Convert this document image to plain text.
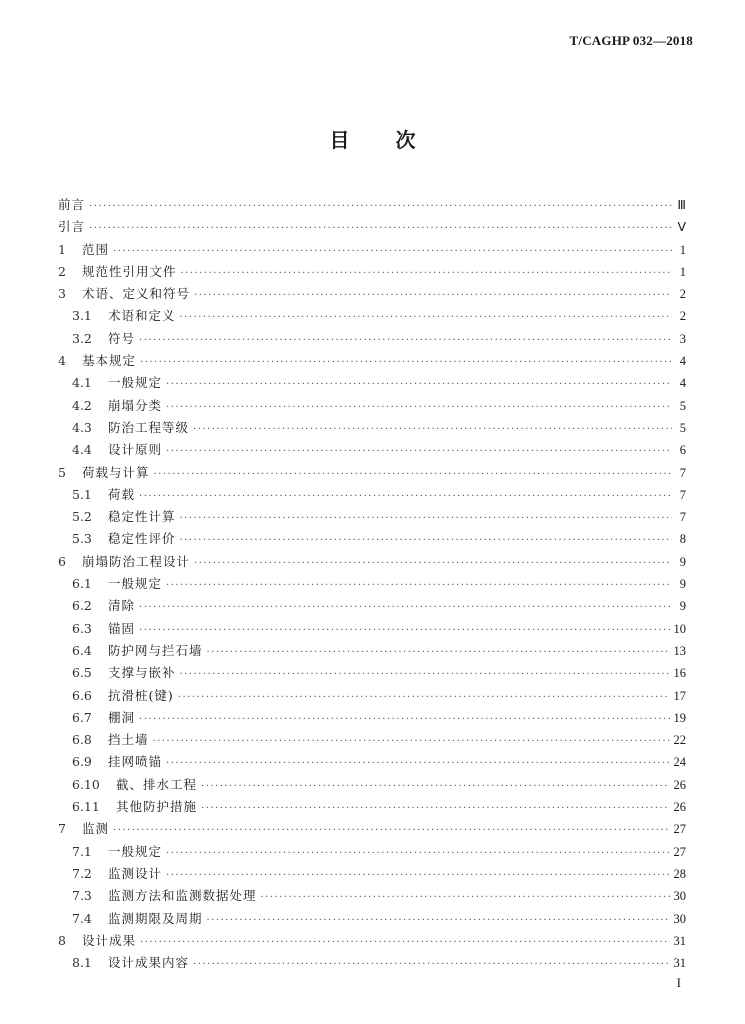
T/CAGHP 032—2018
目 次
前言 ·····	Ⅲ
引言 ·····	Ⅴ
1	范围 ·····	1
2	规范性引用文件 ·····	1
3	术语、定义和符号 ·····	2
3.1	术语和定义 ·····	2
3.2	符号 ·····	3
4	基本规定 ·····	4
4.1	一般规定 ·····	4
4.2	崩塌分类 ·····	5
4.3	防治工程等级 ·····	5
4.4	设计原则 ·····	6
5	荷载与计算 ·····	7
5.1	荷载 ·····	7
5.2	稳定性计算 ·····	7
5.3	稳定性评价 ·····	8
6	崩塌防治工程设计 ·····	9
6.1	一般规定 ·····	9
6.2	清除 ·····	9
6.3	锚固 ·····	10
6.4	防护网与拦石墙 ·····	13
6.5	支撑与嵌补 ·····	16
6.6	抗滑桩(键) ·····	17
6.7	棚洞 ·····	19
6.8	挡土墙 ·····	22
6.9	挂网喷锚 ·····	24
6.10	截、排水工程 ·····	26
6.11	其他防护措施 ·····	26
7	监测 ·····	27
7.1	一般规定 ·····	27
7.2	监测设计 ·····	28
7.3	监测方法和监测数据处理 ·····	30
7.4	监测期限及周期 ·····	30
8	设计成果 ·····	31
8.1	设计成果内容 ·····	31
I
